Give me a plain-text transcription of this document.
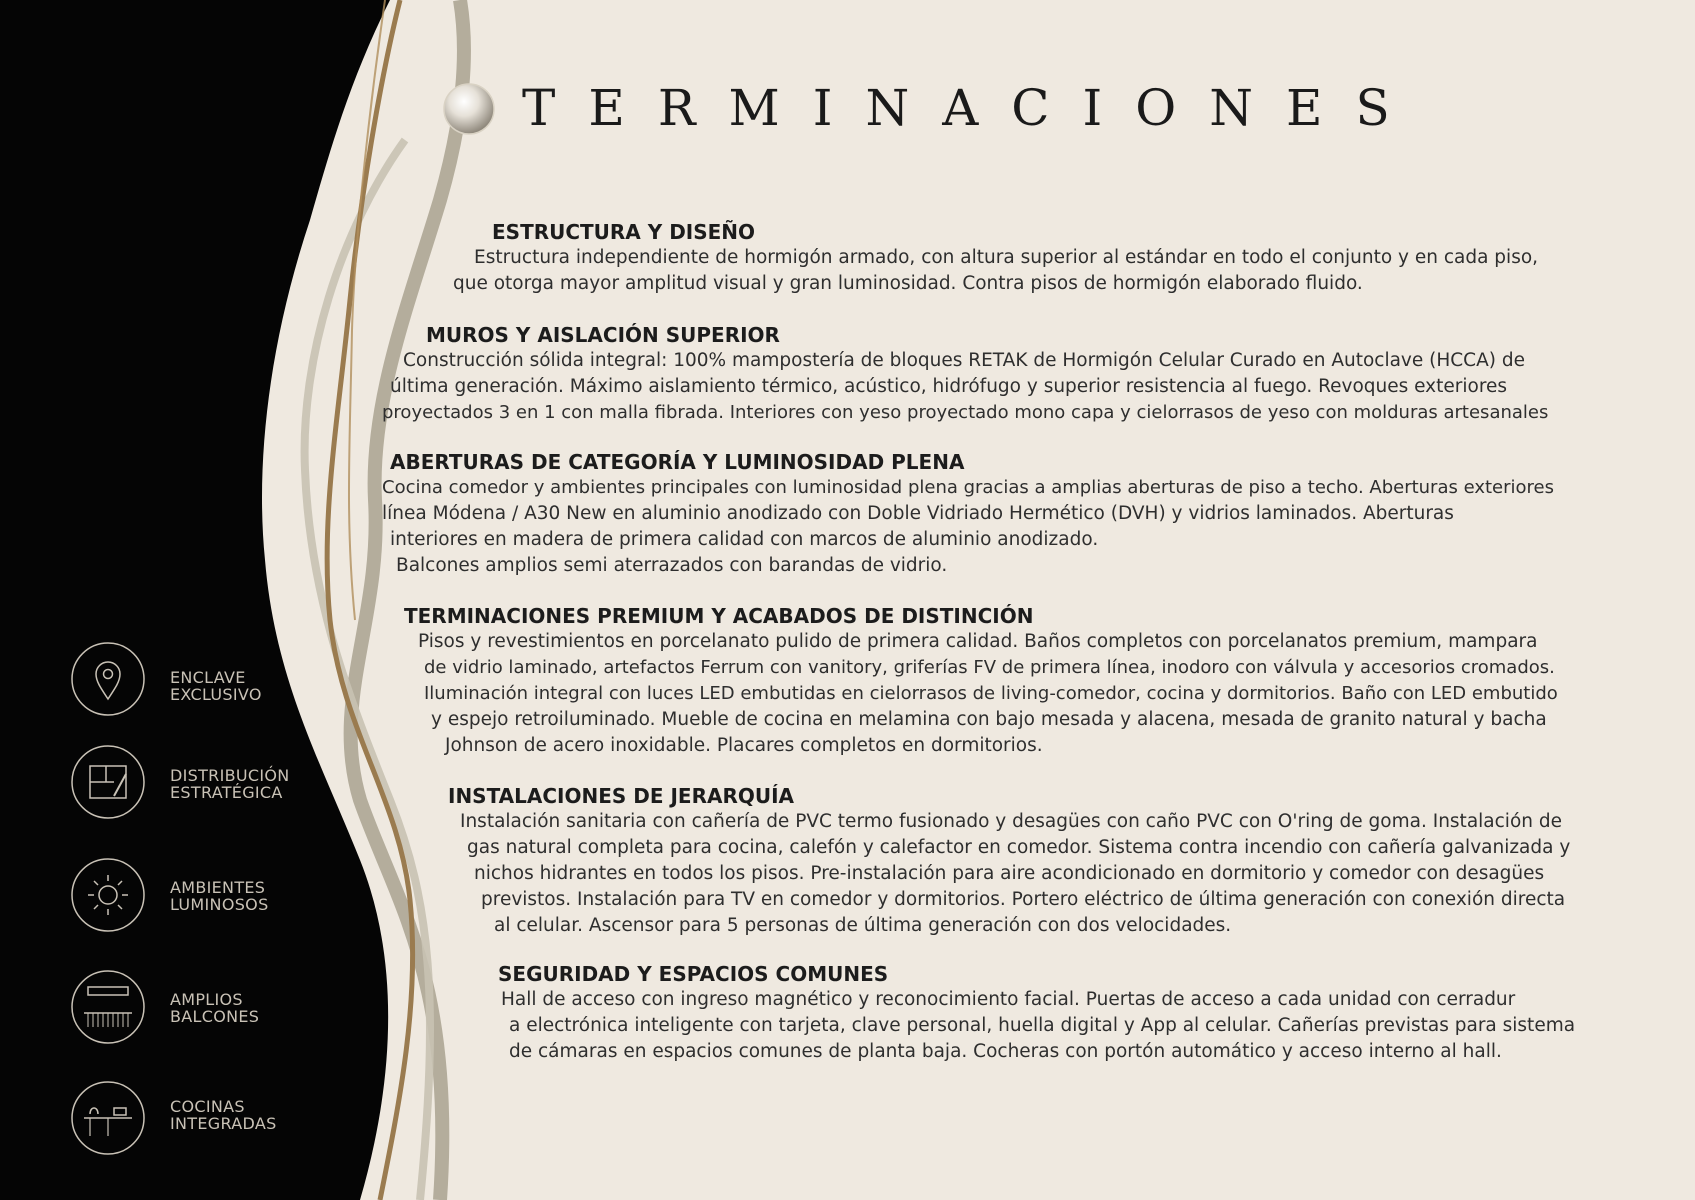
TERMINACIONES
ESTRUCTURA Y DISEÑO
Estructura independiente de hormigón armado, con altura superior al estándar en todo el conjunto y en cada piso,
que otorga mayor amplitud visual y gran luminosidad. Contra pisos de hormigón elaborado fluido.
MUROS Y AISLACIÓN SUPERIOR
Construcción sólida integral: 100% mampostería de bloques RETAK de Hormigón Celular Curado en Autoclave (HCCA) de
última generación. Máximo aislamiento térmico, acústico, hidrófugo y superior resistencia al fuego. Revoques exteriores
proyectados 3 en 1 con malla fibrada. Interiores con yeso proyectado mono capa y cielorrasos de yeso con molduras artesanales
ABERTURAS DE CATEGORÍA Y LUMINOSIDAD PLENA
Cocina comedor y ambientes principales con luminosidad plena gracias a amplias aberturas de piso a techo. Aberturas exteriores
línea Módena / A30 New en aluminio anodizado con Doble Vidriado Hermético (DVH) y vidrios laminados. Aberturas
interiores en madera de primera calidad con marcos de aluminio anodizado.
Balcones amplios semi aterrazados con barandas de vidrio.
TERMINACIONES PREMIUM Y ACABADOS DE DISTINCIÓN
Pisos y revestimientos en porcelanato pulido de primera calidad. Baños completos con porcelanatos premium, mampara
de vidrio laminado, artefactos Ferrum con vanitory, griferías FV de primera línea, inodoro con válvula y accesorios cromados.
Iluminación integral con luces LED embutidas en cielorrasos de living-comedor, cocina y dormitorios. Baño con LED embutido
y espejo retroiluminado. Mueble de cocina en melamina con bajo mesada y alacena, mesada de granito natural y bacha
Johnson de acero inoxidable. Placares completos en dormitorios.
INSTALACIONES DE JERARQUÍA
Instalación sanitaria con cañería de PVC termo fusionado y desagües con caño PVC con O'ring de goma. Instalación de
gas natural completa para cocina, calefón y calefactor en comedor. Sistema contra incendio con cañería galvanizada y
nichos hidrantes en todos los pisos. Pre-instalación para aire acondicionado en dormitorio y comedor con desagües
previstos. Instalación para TV en comedor y dormitorios. Portero eléctrico de última generación con conexión directa
al celular. Ascensor para 5 personas de última generación con dos velocidades.
SEGURIDAD Y ESPACIOS COMUNES
Hall de acceso con ingreso magnético y reconocimiento facial. Puertas de acceso a cada unidad con cerradur
a electrónica inteligente con tarjeta, clave personal, huella digital y App al celular. Cañerías previstas para sistema
de cámaras en espacios comunes de planta baja. Cocheras con portón automático y acceso interno al hall.
ENCLAVE
EXCLUSIVO
DISTRIBUCIÓN
ESTRATÉGICA
AMBIENTES
LUMINOSOS
AMPLIOS
BALCONES
COCINAS
INTEGRADAS
